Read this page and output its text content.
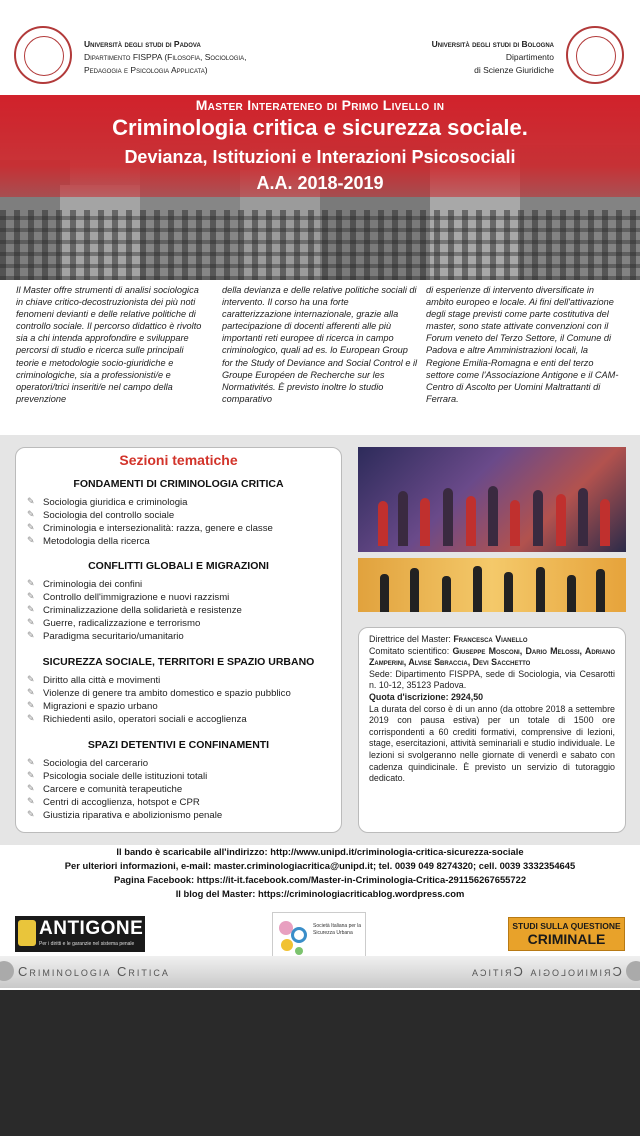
Università degli studi di Padova
Dipartimento FISPPA (Filosofia, Sociologia,
Pedagogia e Psicologia Applicata)
Università degli studi di Bologna
Dipartimento
di Scienze Giuridiche
Master Interateneo di Primo Livello in
Criminologia critica e sicurezza sociale.
Devianza, Istituzioni e Interazioni Psicosociali
A.A. 2018-2019
Il Master offre strumenti di analisi sociologica in chiave critico-decostruzionista dei più noti fenomeni devianti e delle relative politiche di controllo sociale. Il percorso didattico è rivolto sia a chi intenda approfondire e sviluppare percorsi di studio e ricerca sulle principali teorie e metodologie socio-giuridiche e criminologiche, sia a professionisti/e e operatori/trici inseriti/e nel campo della prevenzione
della devianza e delle relative politiche sociali di intervento. Il corso ha una forte caratterizzazione internazionale, grazie alla partecipazione di docenti afferenti alle più importanti reti europee di ricerca in campo criminologico, quali ad es. lo European Group for the Study of Deviance and Social Control e il Groupe Européen de Recherche sur les Normativités. È previsto inoltre lo studio comparativo
di esperienze di intervento diversificate in ambito europeo e locale. Ai fini dell'attivazione degli stage previsti come parte costitutiva del master, sono state attivate convenzioni con il Forum veneto del Terzo Settore, il Comune di Padova e altre Amministrazioni locali, la Regione Emilia-Romagna e enti del terzo settore come l'Associazione Antigone e il CAM- Centro di Ascolto per Uomini Maltrattanti di Ferrara.
Sezioni tematiche
FONDAMENTI DI CRIMINOLOGIA CRITICA
✎ Sociologia giuridica e criminologia
✎ Sociologia del controllo sociale
✎ Criminologia e intersezionalità: razza, genere e classe
✎ Metodologia della ricerca
CONFLITTI GLOBALI E MIGRAZIONI
✎ Criminologia dei confini
✎ Controllo dell'immigrazione e nuovi razzismi
✎ Criminalizzazione della solidarietà e resistenze
✎ Guerre, radicalizzazione e terrorismo
✎ Paradigma securitario/umanitario
SICUREZZA SOCIALE, TERRITORI E SPAZIO URBANO
✎ Diritto alla città e movimenti
✎ Violenze di genere tra ambito domestico e spazio pubblico
✎ Migrazioni e spazio urbano
✎ Richiedenti asilo, operatori sociali e accoglienza
SPAZI DETENTIVI E CONFINAMENTI
✎ Sociologia del carcerario
✎ Psicologia sociale delle istituzioni totali
✎ Carcere e comunità terapeutiche
✎ Centri di accoglienza, hotspot e CPR
✎ Giustizia riparativa e abolizionismo penale
Direttrice del Master: Francesca Vianello
Comitato scientifico: Giuseppe Mosconi, Dario Melossi, Adriano Zamperini, Alvise Sbraccia, Devi Sacchetto
Sede: Dipartimento FISPPA, sede di Sociologia, via Cesarotti n. 10-12, 35123 Padova.
Quota d'iscrizione: 2924,50
La durata del corso è di un anno (da ottobre 2018 a settembre 2019 con pausa estiva) per un totale di 1500 ore corrispondenti a 60 crediti formativi, comprensive di lezioni, stage, esercitazioni, attività seminariali e studio individuale. Le lezioni si svolgeranno nelle giornate di venerdì e sabato con cadenza quindicinale. È previsto un servizio di tutoraggio dedicato.
Il bando è scaricabile all'indirizzo: http://www.unipd.it/criminologia-critica-sicurezza-sociale
Per ulteriori informazioni, e-mail: master.criminologiacritica@unipd.it; tel. 0039 049 8274320; cell. 0039 3332354645
Pagina Facebook: https://it-it.facebook.com/Master-in-Criminologia-Critica-291156267655722
Il blog del Master: https://criminologiacriticablog.wordpress.com
ANTIGONE
Per i diritti e le garanzie nel sistema penale
Società Italiana per la Sicurezza Urbana
STUDI SULLA QUESTIONE
CRIMINALE
Criminologia Critica	Criminologia Critica
